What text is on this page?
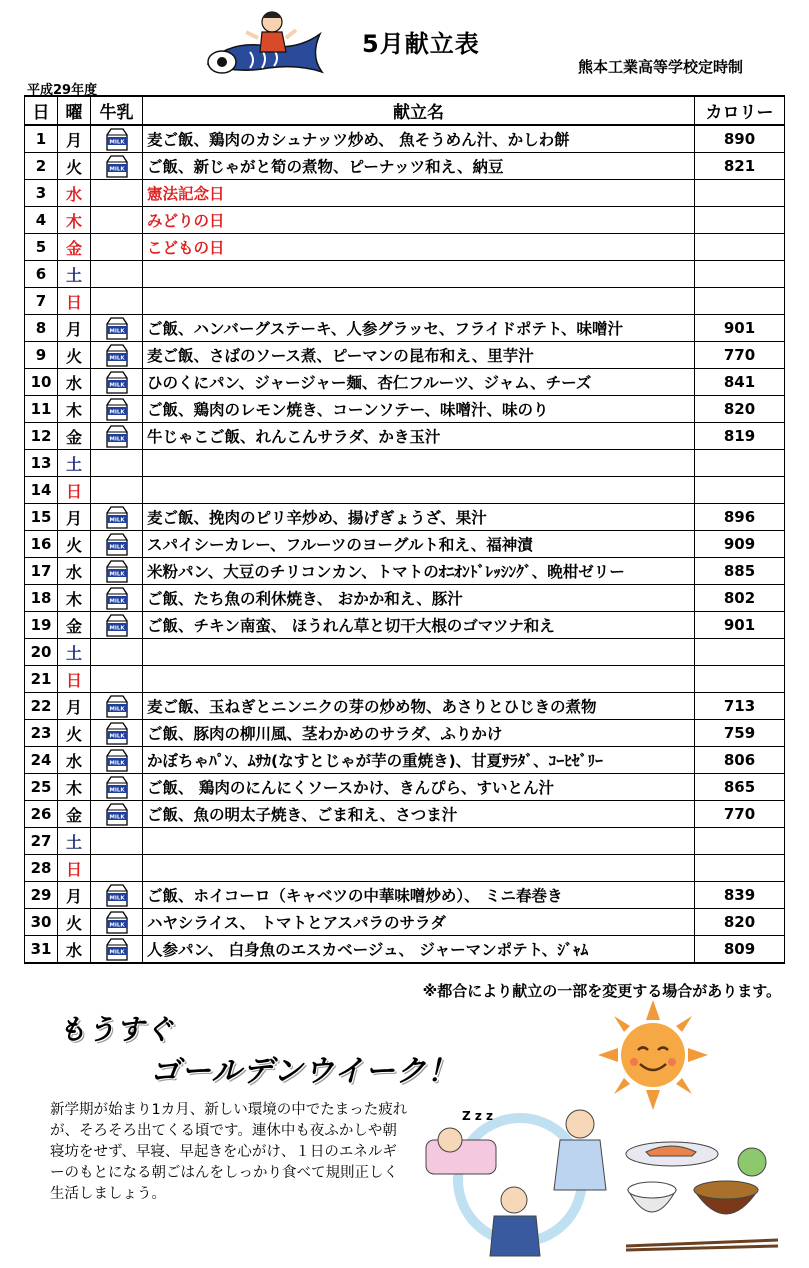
5月献立表
熊本工業高等学校定時制
平成29年度
日	曜	牛乳	献立名	カロリー
1	月	MILK	麦ご飯、鶏肉のカシュナッツ炒め、 魚そうめん汁、かしわ餅	890
2	火	MILK	ご飯、新じゃがと筍の煮物、ピーナッツ和え、納豆	821
3	水		憲法記念日	
4	木		みどりの日	
5	金		こどもの日	
6	土			
7	日			
8	月	MILK	ご飯、ハンバーグステーキ、人参グラッセ、フライドポテト、味噌汁	901
9	火	MILK	麦ご飯、さばのソース煮、ピーマンの昆布和え、里芋汁	770
10	水	MILK	ひのくにパン、ジャージャー麺、杏仁フルーツ、ジャム、チーズ	841
11	木	MILK	ご飯、鶏肉のレモン焼き、コーンソテー、味噌汁、味のり	820
12	金	MILK	牛じゃこご飯、れんこんサラダ、かき玉汁	819
13	土			
14	日			
15	月	MILK	麦ご飯、挽肉のピリ辛炒め、揚げぎょうざ、果汁	896
16	火	MILK	スパイシーカレー、フルーツのヨーグルト和え、福神漬	909
17	水	MILK	米粉パン、大豆のチリコンカン、トマトのｵﾆｵﾝﾄﾞﾚｯｼﾝｸﾞ、晩柑ゼリー	885
18	木	MILK	ご飯、たち魚の利休焼き、 おかか和え、豚汁	802
19	金	MILK	ご飯、チキン南蛮、 ほうれん草と切干大根のゴマツナ和え	901
20	土			
21	日			
22	月	MILK	麦ご飯、玉ねぎとニンニクの芽の炒め物、あさりとひじきの煮物	713
23	火	MILK	ご飯、豚肉の柳川風、茎わかめのサラダ、ふりかけ	759
24	水	MILK	かぼちゃﾊﾟﾝ、ﾑｻｶ(なすとじゃが芋の重焼き)、甘夏ｻﾗﾀﾞ、ｺｰﾋｾﾞﾘｰ	806
25	木	MILK	ご飯、 鶏肉のにんにくソースかけ、きんぴら、すいとん汁	865
26	金	MILK	ご飯、魚の明太子焼き、ごま和え、さつま汁	770
27	土			
28	日			
29	月	MILK	ご飯、ホイコーロ（キャベツの中華味噌炒め）、 ミニ春巻き	839
30	火	MILK	ハヤシライス、 トマトとアスパラのサラダ	820
31	水	MILK	人参パン、 白身魚のエスカベージュ、 ジャーマンポテト、ｼﾞｬﾑ	809
※都合により献立の一部を変更する場合があります。
もうすぐ
ゴールデンウイーク！
新学期が始まり1カ月、新しい環境の中でたまった疲れが、そろそろ出てくる頃です。連休中も夜ふかしや朝寝坊をせず、早寝、早起きを心がけ、１日のエネルギーのもとになる朝ごはんをしっかり食べて規則正しく生活しましょう。
Z z z
